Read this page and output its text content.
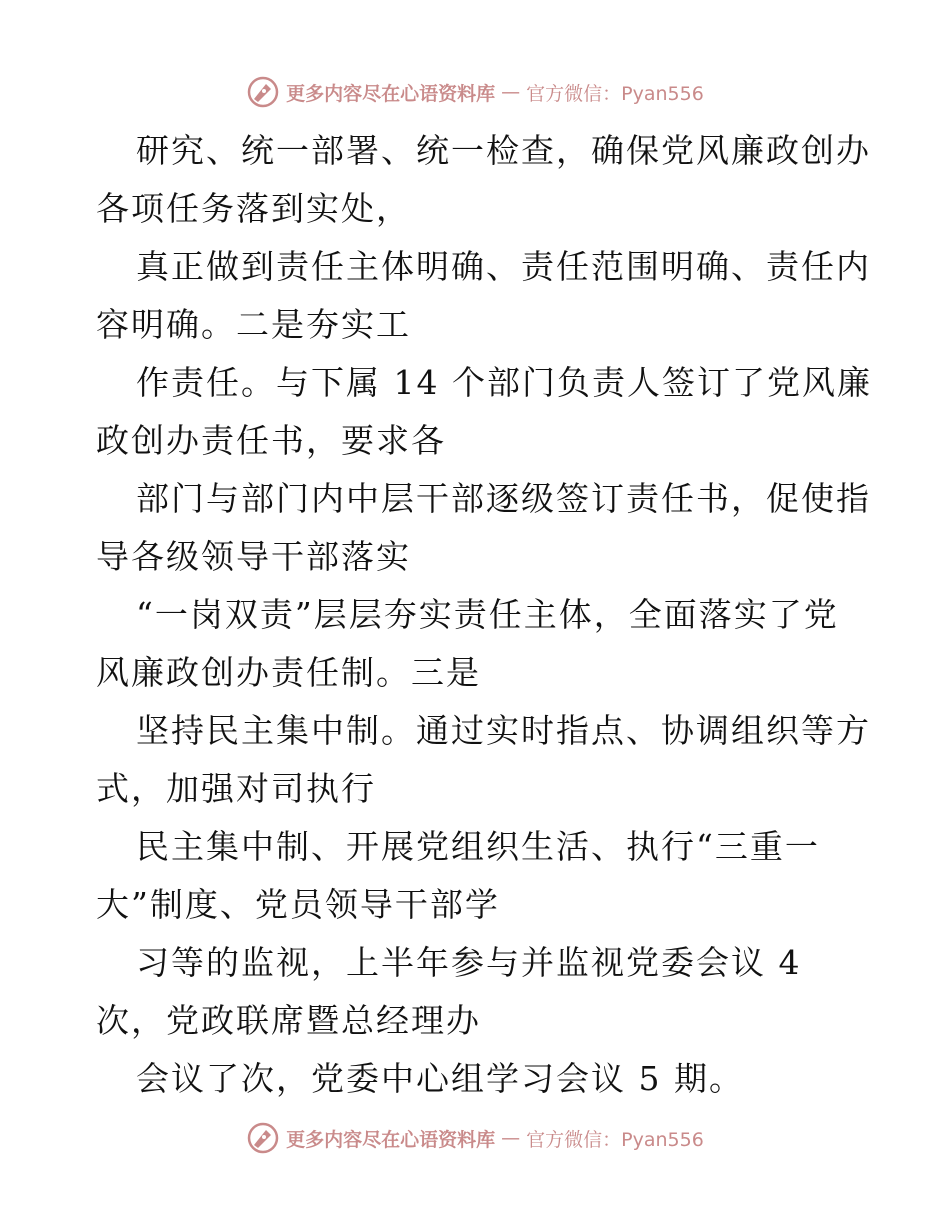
更多内容尽在心语资料库 — 官方微信：Pyan556
研究、统一部署、统一检查，确保党风廉政创办
各项任务落到实处，
真正做到责任主体明确、责任范围明确、责任内
容明确。二是夯实工
作责任。与下属 14 个部门负责人签订了党风廉
政创办责任书，要求各
部门与部门内中层干部逐级签订责任书，促使指
导各级领导干部落实
“一岗双责”层层夯实责任主体，全面落实了党
风廉政创办责任制。三是
坚持民主集中制。通过实时指点、协调组织等方
式，加强对司执行
民主集中制、开展党组织生活、执行“三重一
大”制度、党员领导干部学
习等的监视，上半年参与并监视党委会议 4
次，党政联席暨总经理办
会议了次，党委中心组学习会议 5 期。
更多内容尽在心语资料库 — 官方微信：Pyan556
